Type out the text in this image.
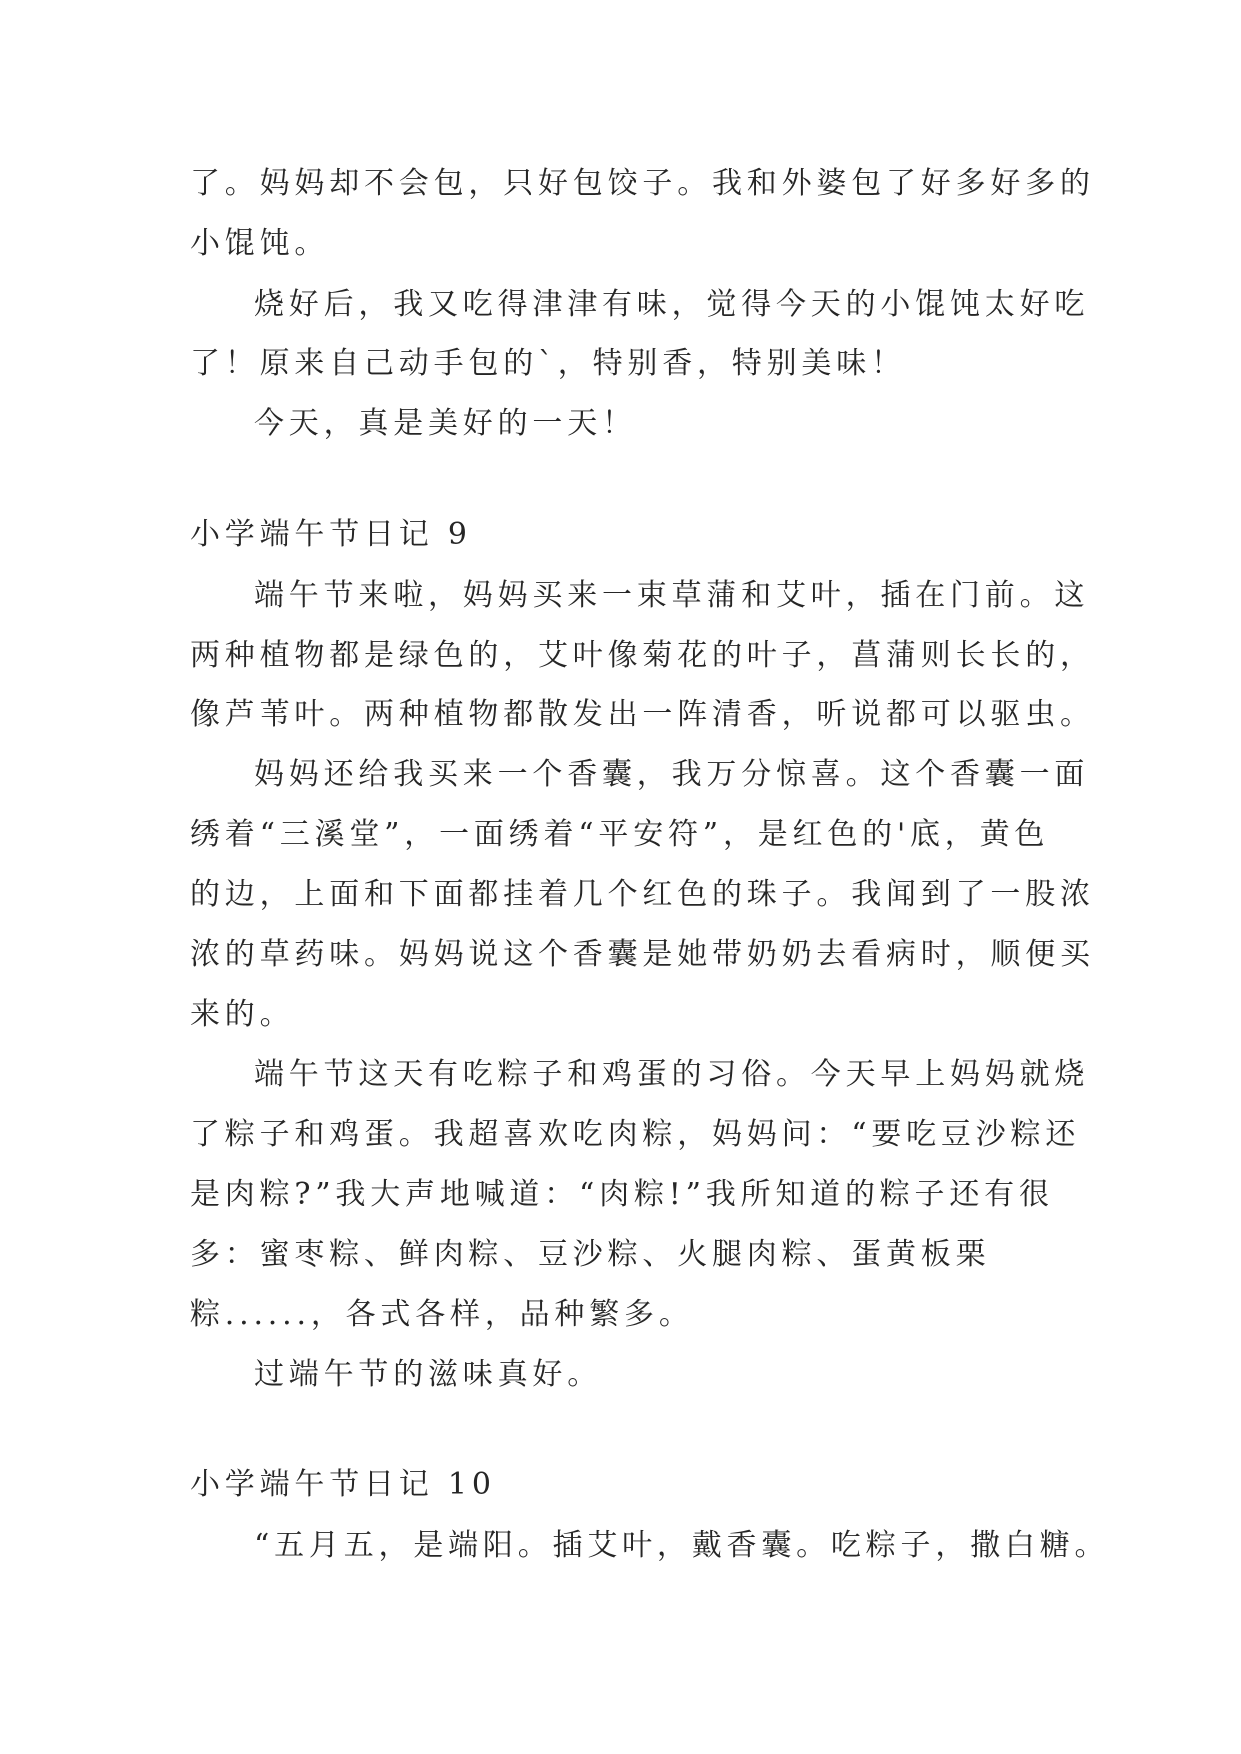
了。妈妈却不会包，只好包饺子。我和外婆包了好多好多的
小馄饨。
烧好后，我又吃得津津有味，觉得今天的小馄饨太好吃
了！原来自己动手包的`，特别香，特别美味！
今天，真是美好的一天！
小学端午节日记 9
端午节来啦，妈妈买来一束草蒲和艾叶，插在门前。这
两种植物都是绿色的，艾叶像菊花的叶子，菖蒲则长长的，
像芦苇叶。两种植物都散发出一阵清香，听说都可以驱虫。
妈妈还给我买来一个香囊，我万分惊喜。这个香囊一面
绣着“三溪堂”，一面绣着“平安符”，是红色的'底，黄色
的边，上面和下面都挂着几个红色的珠子。我闻到了一股浓
浓的草药味。妈妈说这个香囊是她带奶奶去看病时，顺便买
来的。
端午节这天有吃粽子和鸡蛋的习俗。今天早上妈妈就烧
了粽子和鸡蛋。我超喜欢吃肉粽，妈妈问：“要吃豆沙粽还
是肉粽?”我大声地喊道：“肉粽!”我所知道的粽子还有很
多：蜜枣粽、鲜肉粽、豆沙粽、火腿肉粽、蛋黄板栗
粽......，各式各样，品种繁多。
过端午节的滋味真好。
小学端午节日记 10
“五月五，是端阳。插艾叶，戴香囊。吃粽子，撒白糖。
